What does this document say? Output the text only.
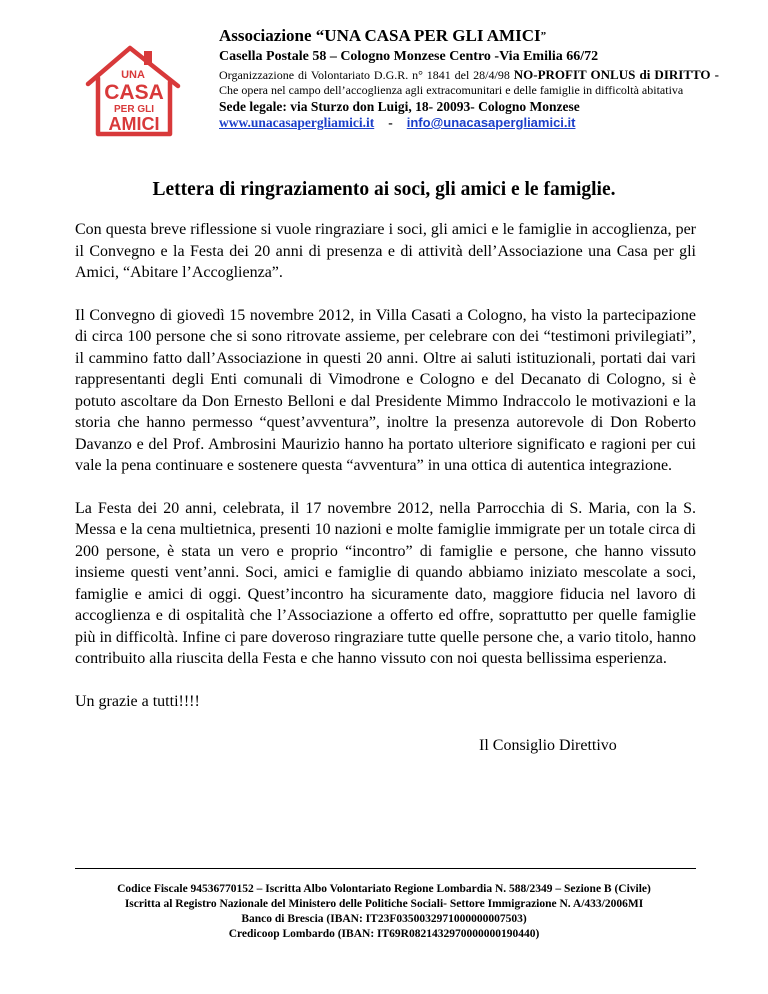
UNA
CASA
PER GLI
AMICI
Associazione “UNA CASA PER GLI AMICI”
Casella Postale 58 – Cologno Monzese Centro -Via Emilia 66/72
Organizzazione di Volontariato D.G.R. n° 1841 del 28/4/98 NO-PROFIT ONLUS di DIRITTO - Che opera nel campo dell’accoglienza agli extracomunitari e delle famiglie in difficoltà abitativa
Sede legale: via Sturzo don Luigi, 18- 20093- Cologno Monzese
www.unacasapergliamici.it - info@unacasapergliamici.it
Lettera di ringraziamento ai soci, gli amici e le famiglie.

Con questa breve riflessione si vuole ringraziare i soci, gli amici e le famiglie in accoglienza, per il Convegno e la Festa dei 20 anni di presenza e di attività dell’Associazione una Casa per gli Amici, “Abitare l’Accoglienza”.

Il Convegno di giovedì 15 novembre 2012, in Villa Casati a Cologno, ha visto la partecipazione di circa 100 persone che si sono ritrovate assieme, per celebrare con dei “testimoni privilegiati”, il cammino fatto dall’Associazione in questi 20 anni. Oltre ai saluti istituzionali, portati dai vari rappresentanti degli Enti comunali di Vimodrone e Cologno e del Decanato di Cologno, si è potuto ascoltare da Don Ernesto Belloni e dal Presidente Mimmo Indraccolo le motivazioni e la storia che hanno permesso “quest’avventura”, inoltre la presenza autorevole di Don Roberto Davanzo e del Prof. Ambrosini Maurizio hanno ha portato ulteriore significato e ragioni per cui vale la pena continuare e sostenere questa “avventura” in una ottica di autentica integrazione.

La Festa dei 20 anni, celebrata, il 17 novembre 2012, nella Parrocchia di S. Maria, con la S. Messa e la cena multietnica, presenti 10 nazioni e molte famiglie immigrate per un totale circa di 200 persone, è stata un vero e proprio “incontro” di famiglie e persone, che hanno vissuto insieme questi vent’anni. Soci, amici e famiglie di quando abbiamo iniziato mescolate a soci, famiglie e amici di oggi. Quest’incontro ha sicuramente dato, maggiore fiducia nel lavoro di accoglienza e di ospitalità che l’Associazione a offerto ed offre, soprattutto per quelle famiglie più in difficoltà. Infine ci pare doveroso ringraziare tutte quelle persone che, a vario titolo, hanno contribuito alla riuscita della Festa e che hanno vissuto con noi questa bellissima esperienza.

Un grazie a tutti!!!!

Il Consiglio Direttivo
Codice Fiscale 94536770152 – Iscritta Albo Volontariato Regione Lombardia N. 588/2349 – Sezione B (Civile)
Iscritta al Registro Nazionale del Ministero delle Politiche Sociali- Settore Immigrazione N. A/433/2006MI
Banco di Brescia (IBAN: IT23F0350032971000000007503)
Credicoop Lombardo (IBAN: IT69R0821432970000000190440)
